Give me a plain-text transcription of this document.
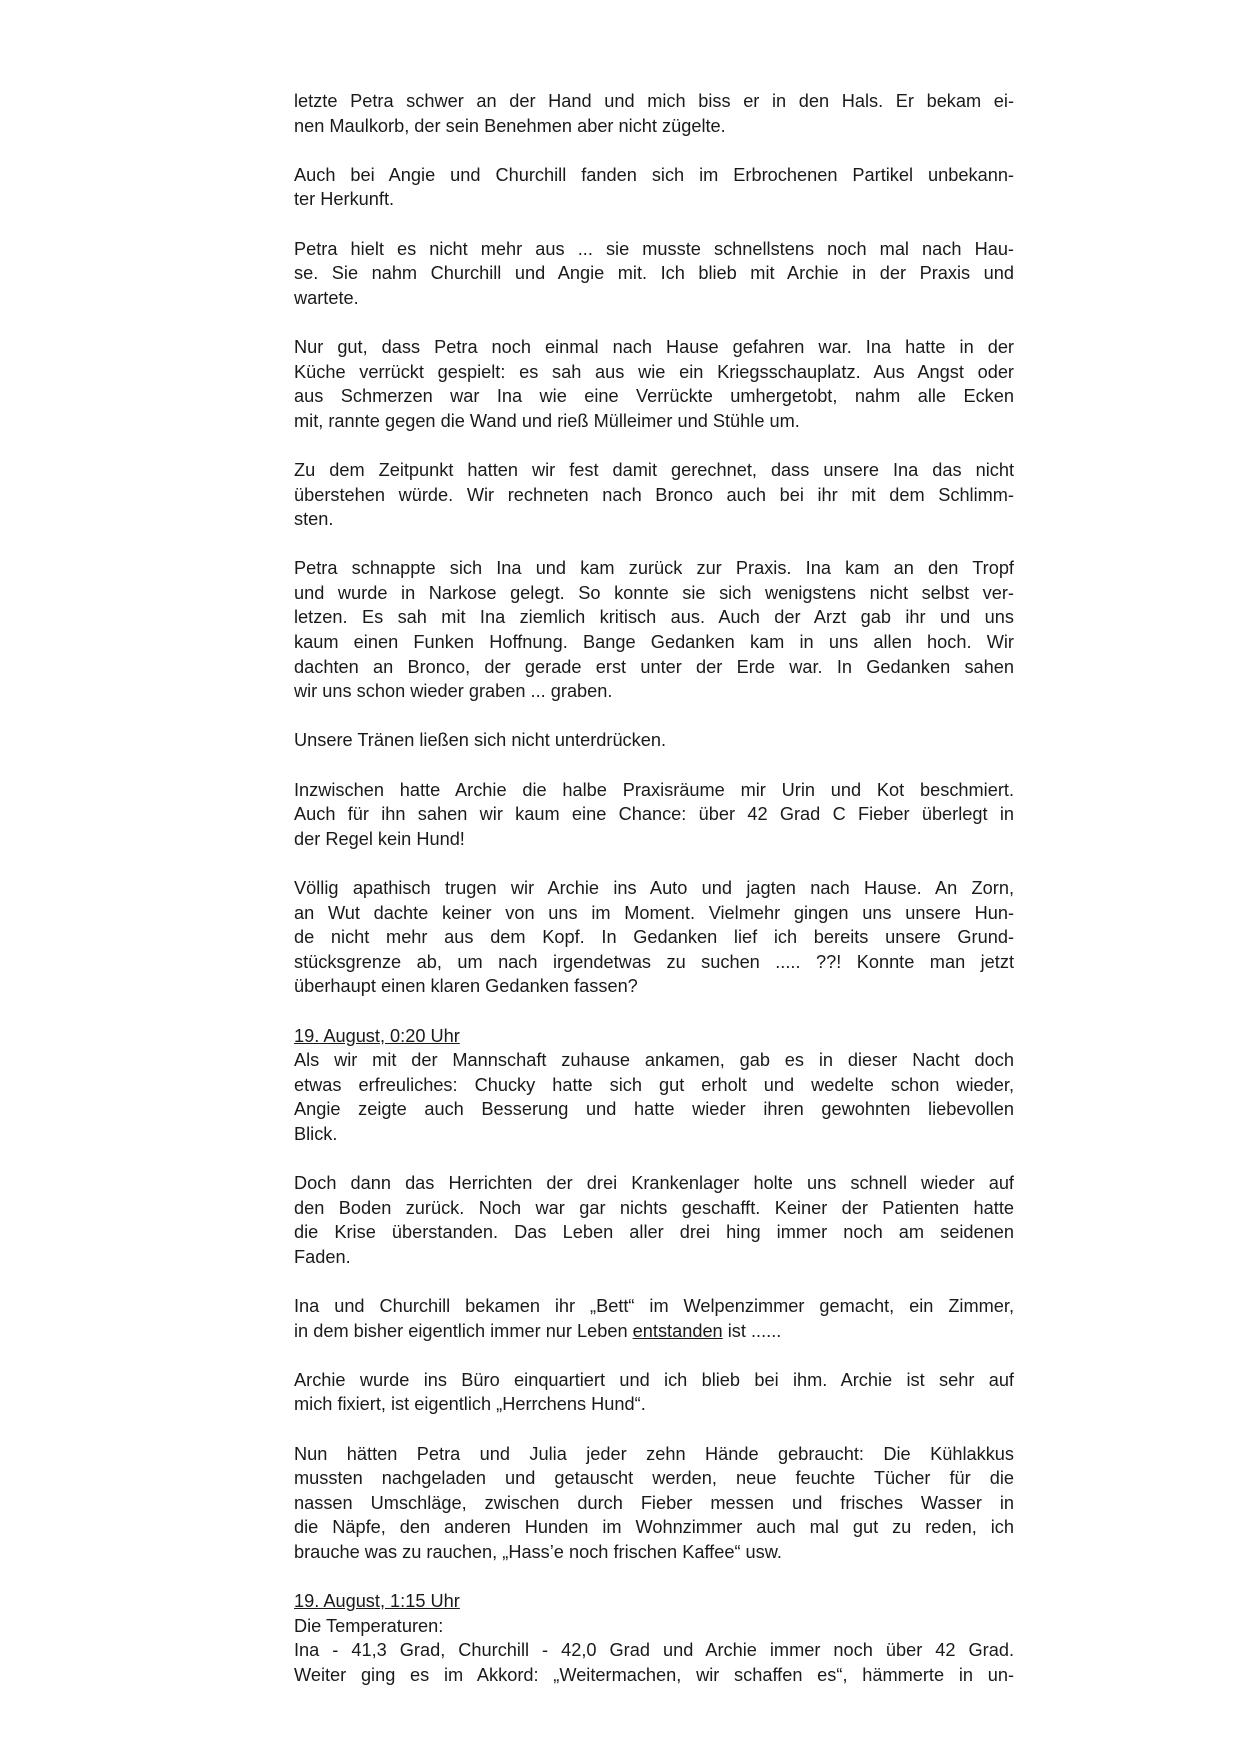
letzte Petra schwer an der Hand und mich biss er in den Hals. Er bekam ei-
nen Maulkorb, der sein Benehmen aber nicht zügelte.
Auch bei Angie und Churchill fanden sich im Erbrochenen Partikel unbekann-
ter Herkunft.
Petra hielt es nicht mehr aus ... sie musste schnellstens noch mal nach Hau-
se. Sie nahm Churchill und Angie mit. Ich blieb mit Archie in der Praxis und
wartete.
Nur gut, dass Petra noch einmal nach Hause gefahren war. Ina hatte in der
Küche verrückt gespielt: es sah aus wie ein Kriegsschauplatz. Aus Angst oder
aus Schmerzen war Ina wie eine Verrückte umhergetobt, nahm alle Ecken
mit, rannte gegen die Wand und rieß Mülleimer und Stühle um.
Zu dem Zeitpunkt hatten wir fest damit gerechnet, dass unsere Ina das nicht
überstehen würde. Wir rechneten nach Bronco auch bei ihr mit dem Schlimm-
sten.
Petra schnappte sich Ina und kam zurück zur Praxis. Ina kam an den Tropf
und wurde in Narkose gelegt. So konnte sie sich wenigstens nicht selbst ver-
letzen. Es sah mit Ina ziemlich kritisch aus. Auch der Arzt gab ihr und uns
kaum einen Funken Hoffnung. Bange Gedanken kam in uns allen hoch. Wir
dachten an Bronco, der gerade erst unter der Erde war. In Gedanken sahen
wir uns schon wieder graben ... graben.
Unsere Tränen ließen sich nicht unterdrücken.
Inzwischen hatte Archie die halbe Praxisräume mir Urin und Kot beschmiert.
Auch für ihn sahen wir kaum eine Chance: über 42 Grad C Fieber überlegt in
der Regel kein Hund!
Völlig apathisch trugen wir Archie ins Auto und jagten nach Hause. An Zorn,
an Wut dachte keiner von uns im Moment. Vielmehr gingen uns unsere Hun-
de nicht mehr aus dem Kopf. In Gedanken lief ich bereits unsere Grund-
stücksgrenze ab, um nach irgendetwas zu suchen ..... ??! Konnte man jetzt
überhaupt einen klaren Gedanken fassen?
19. August, 0:20 Uhr
Als wir mit der Mannschaft zuhause ankamen, gab es in dieser Nacht doch
etwas erfreuliches: Chucky hatte sich gut erholt und wedelte schon wieder,
Angie zeigte auch Besserung und hatte wieder ihren gewohnten liebevollen
Blick.
Doch dann das Herrichten der drei Krankenlager holte uns schnell wieder auf
den Boden zurück. Noch war gar nichts geschafft. Keiner der Patienten hatte
die Krise überstanden. Das Leben aller drei hing immer noch am seidenen
Faden.
Ina und Churchill bekamen ihr „Bett“ im Welpenzimmer gemacht, ein Zimmer,
in dem bisher eigentlich immer nur Leben entstanden ist ......
Archie wurde ins Büro einquartiert und ich blieb bei ihm. Archie ist sehr auf
mich fixiert, ist eigentlich „Herrchens Hund“.
Nun hätten Petra und Julia jeder zehn Hände gebraucht: Die Kühlakkus
mussten nachgeladen und getauscht werden, neue feuchte Tücher für die
nassen Umschläge, zwischen durch Fieber messen und frisches Wasser in
die Näpfe, den anderen Hunden im Wohnzimmer auch mal gut zu reden, ich
brauche was zu rauchen, „Hass’e noch frischen Kaffee“ usw.
19. August, 1:15 Uhr
Die Temperaturen:
Ina - 41,3 Grad, Churchill - 42,0 Grad und Archie immer noch über 42 Grad.
Weiter ging es im Akkord: „Weitermachen, wir schaffen es“, hämmerte in un-
